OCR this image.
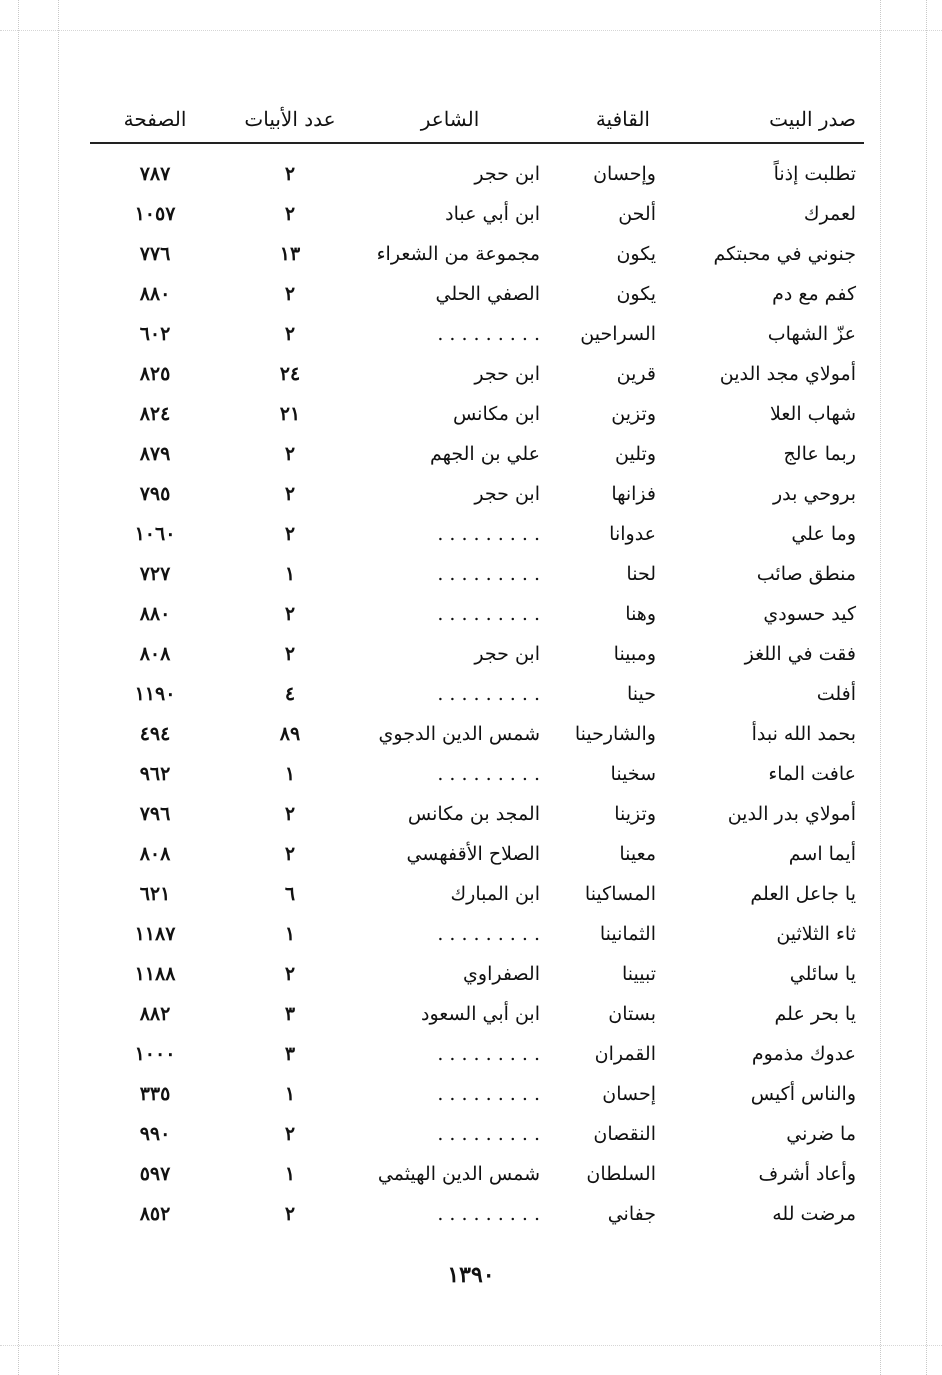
صدر البيت	القافية	الشاعر	عدد الأبيات	الصفحة
تطلبت إذناً	وإحسان	ابن حجر	٢	٧٨٧
لعمرك	ألحن	ابن أبي عباد	٢	١٠٥٧
جنوني في محبتكم	يكون	مجموعة من الشعراء	١٣	٧٧٦
كفم مع دم	يكون	الصفي الحلي	٢	٨٨٠
عزّ الشهاب	السراحين	. . . . . . . . .	٢	٦٠٢
أمولاي مجد الدين	قرين	ابن حجر	٢٤	٨٢٥
شهاب العلا	وتزين	ابن مكانس	٢١	٨٢٤
ربما عالج	وتلين	علي بن الجهم	٢	٨٧٩
بروحي بدر	فزانها	ابن حجر	٢	٧٩٥
وما علي	عدوانا	. . . . . . . . .	٢	١٠٦٠
منطق صائب	لحنا	. . . . . . . . .	١	٧٢٧
كيد حسودي	وهنا	. . . . . . . . .	٢	٨٨٠
فقت في اللغز	ومبينا	ابن حجر	٢	٨٠٨
أفلت	حينا	. . . . . . . . .	٤	١١٩٠
بحمد الله نبدأ	والشارحينا	شمس الدين الدجوي	٨٩	٤٩٤
عافت الماء	سخينا	. . . . . . . . .	١	٩٦٢
أمولاي بدر الدين	وتزينا	المجد بن مكانس	٢	٧٩٦
أيما اسم	معينا	الصلاح الأقفهسي	٢	٨٠٨
يا جاعل العلم	المساكينا	ابن المبارك	٦	٦٢١
ثاء الثلاثين	الثمانينا	. . . . . . . . .	١	١١٨٧
يا سائلي	تبيينا	الصفراوي	٢	١١٨٨
يا بحر علم	بستان	ابن أبي السعود	٣	٨٨٢
عدوك مذموم	القمران	. . . . . . . . .	٣	١٠٠٠
والناس أكيس	إحسان	. . . . . . . . .	١	٣٣٥
ما ضرني	النقصان	. . . . . . . . .	٢	٩٩٠
وأعاد أشرف	السلطان	شمس الدين الهيثمي	١	٥٩٧
مرضت لله	جفاني	. . . . . . . . .	٢	٨٥٢
١٣٩٠
